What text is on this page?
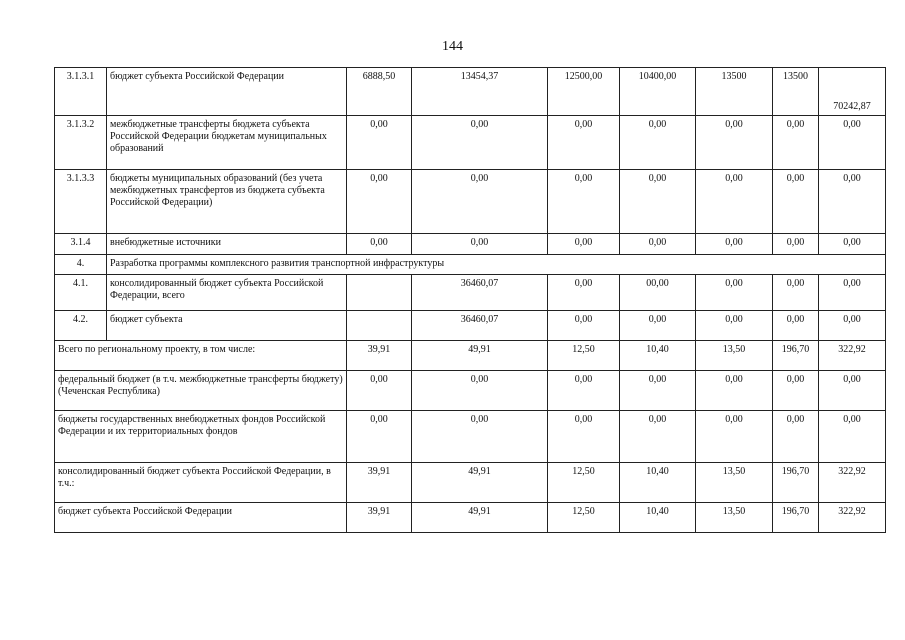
144
3.1.3.1	бюджет субъекта Российской Федерации	6888,50	13454,37	12500,00	10400,00	13500	13500	70242,87
3.1.3.2	межбюджетные трансферты бюджета субъекта Российской Федерации бюджетам муниципальных образований	0,00	0,00	0,00	0,00	0,00	0,00	0,00
3.1.3.3	бюджеты муниципальных образований (без учета межбюджетных трансфертов из бюджета субъекта Российской Федерации)	0,00	0,00	0,00	0,00	0,00	0,00	0,00
3.1.4	внебюджетные источники	0,00	0,00	0,00	0,00	0,00	0,00	0,00
4.	Разработка программы комплексного развития транспортной инфраструктуры							
4.1.	консолидированный бюджет субъекта Российской Федерации, всего		36460,07	0,00	00,00	0,00	0,00	0,00
4.2.	бюджет субъекта		36460,07	0,00	0,00	0,00	0,00	0,00
Всего по региональному проекту, в том числе:		39,91	49,91	12,50	10,40	13,50	196,70	322,92
федеральный бюджет (в т.ч. межбюджетные трансферты бюджету) (Чеченская Республика)		0,00	0,00	0,00	0,00	0,00	0,00	0,00
бюджеты государственных внебюджетных фондов Российской Федерации и их территориальных фондов		0,00	0,00	0,00	0,00	0,00	0,00	0,00
консолидированный бюджет субъекта Российской Федерации, в т.ч.:		39,91	49,91	12,50	10,40	13,50	196,70	322,92
бюджет субъекта Российской Федерации		39,91	49,91	12,50	10,40	13,50	196,70	322,92
